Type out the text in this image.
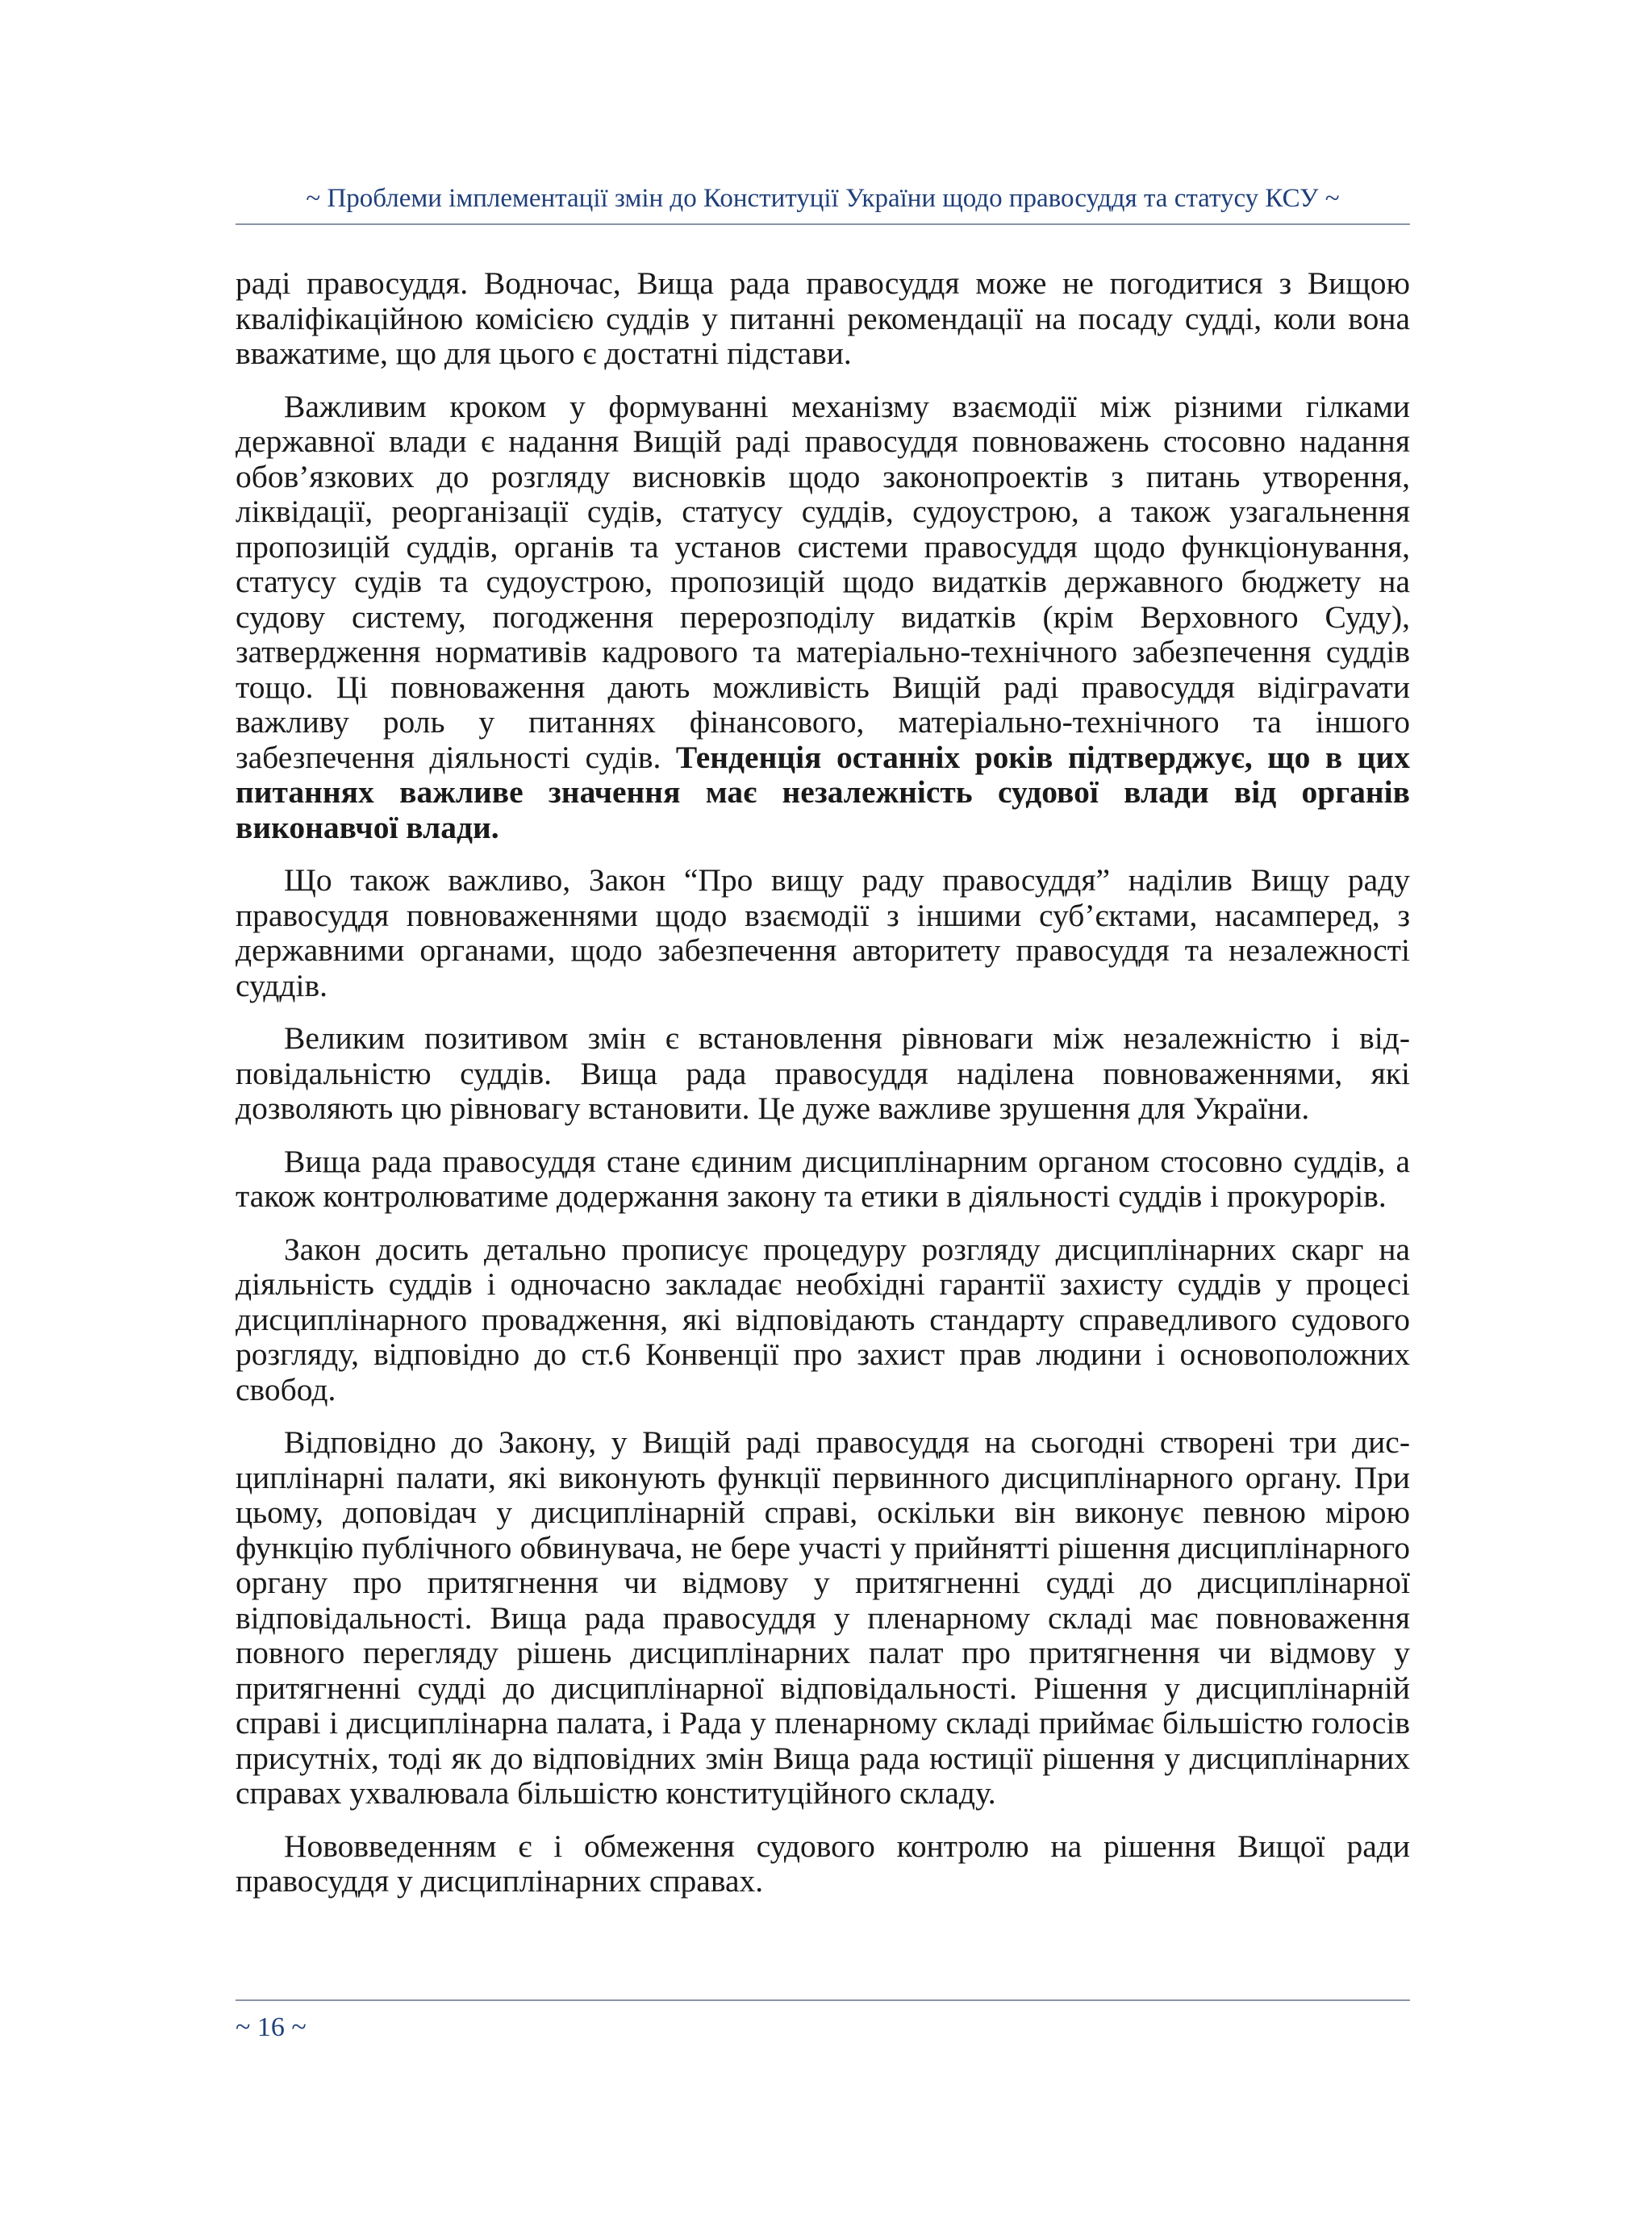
~ Проблеми імплементації змін до Конституції України щодо правосуддя та статусу КСУ ~

раді правосуддя. Водночас, Вища рада правосуддя може не погодитися з Вищою кваліфікаційною комісією суддів у питанні рекомендації на посаду судді, коли вона вважатиме, що для цього є достатні підстави.

Важливим кроком у формуванні механізму взаємодії між різними гілками державної влади є надання Вищій раді правосуддя повноважень стосовно надання обов’язкових до розгляду висновків щодо законопроектів з питань утворення, ліквідації, реорганізації судів, статусу суддів, судоустрою, а також узагальнення пропозицій суддів, органів та установ системи правосуддя щодо функціонування, статусу судів та судоустрою, пропозицій щодо видатків державного бюджету на судову систему, погодження перерозподілу видатків (крім Верховного Суду), затвердження нормативів кадрового та матеріально-технічного забезпечення суддів тощо. Ці повноваження дають можливість Вищій раді правосуддя відіграvати важливу роль у питаннях фінансового, матеріально-технічного та іншого забезпечення діяльності судів. Тенденція останніх років підтверджує, що в цих питаннях важливе значення має незалежність судової влади від органів виконавчої влади.

Що також важливо, Закон “Про вищу раду правосуддя” наділив Вищу раду правосуддя повноваженнями щодо взаємодії з іншими суб’єктами, насамперед, з державними органами, щодо забезпечення авторитету правосуддя та незалежності суддів.

Великим позитивом змін є встановлення рівноваги між незалежністю і відповідальністю суддів. Вища рада правосуддя наділена повноваженнями, які дозволяють цю рівновагу встановити. Це дуже важливе зрушення для України.

Вища рада правосуддя стане єдиним дисциплінарним органом стосовно суддів, а також контролюватиме додержання закону та етики в діяльності суддів і прокурорів.

Закон досить детально прописує процедуру розгляду дисциплінарних скарг на діяльність суддів і одночасно закладає необхідні гарантії захисту суддів у процесі дисциплінарного провадження, які відповідають стандарту справедливого судового розгляду, відповідно до ст.6 Конвенції про захист прав людини і основоположних свобод.

Відповідно до Закону, у Вищій раді правосуддя на сьогодні створені три дисциплінарні палати, які виконують функції первинного дисциплінарного органу. При цьому, доповідач у дисциплінарній справі, оскільки він виконує певною мірою функцію публічного обвинувача, не бере участі у прийнятті рішення дисциплінарного органу про притягнення чи відмову у притягненні судді до дисциплінарної відповідальності. Вища рада правосуддя у пленарному складі має повноваження повного перегляду рішень дисциплінарних палат про притягнення чи відмову у притягненні судді до дисциплінарної відповідальності. Рішення у дисциплінарній справі і дисциплінарна палата, і Рада у пленарному складі приймає більшістю голосів присутніх, тоді як до відповідних змін Вища рада юстиції рішення у дисциплінарних справах ухвалювала більшістю конституційного складу.

Нововведенням є і обмеження судового контролю на рішення Вищої ради правосуддя у дисциплінарних справах.

~ 16 ~
